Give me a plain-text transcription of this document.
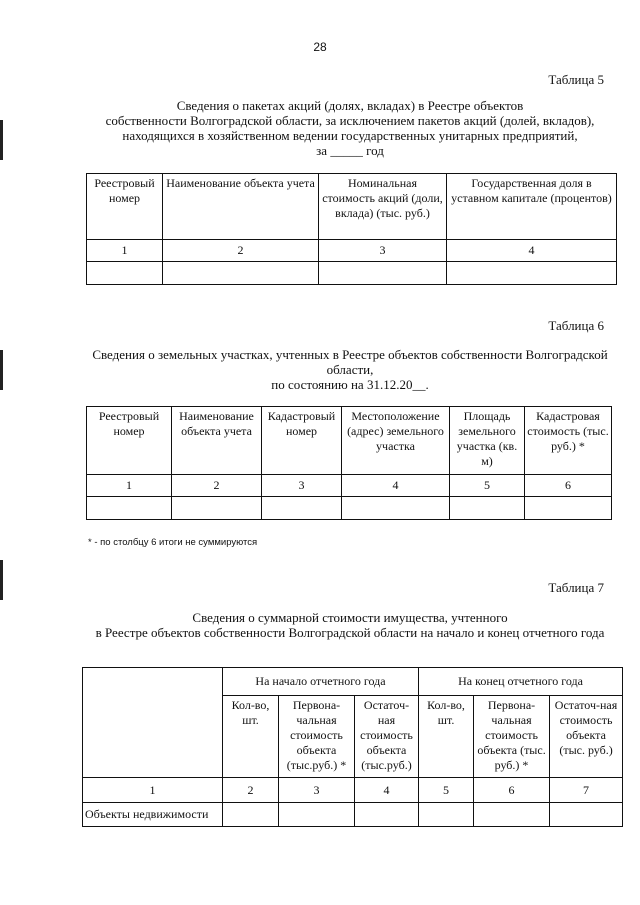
28
Таблица 5
Сведения о пакетах акций (долях, вкладах) в Реестре объектов
собственности Волгоградской области, за исключением пакетов акций (долей, вкладов),
находящихся в хозяйственном ведении государственных унитарных предприятий,
за _____ год
Реестровый номер	Наименование объекта учета	Номинальная стоимость акций (доли, вклада) (тыс. руб.)	Государственная доля в уставном капитале (процентов)
1	2	3	4

Таблица 6
Сведения о земельных участках, учтенных в Реестре объектов собственности Волгоградской
области,
по состоянию на 31.12.20__.
Реестровый номер	Наименование объекта учета	Кадастровый номер	Местоположение (адрес) земельного участка	Площадь земельного участка (кв. м)	Кадастровая стоимость (тыс. руб.) *
1	2	3	4	5	6

* - по столбцу 6 итоги не суммируются
Таблица 7
Сведения о суммарной стоимости имущества, учтенного
в Реестре объектов собственности Волгоградской области на начало и конец отчетного года
	На начало отчетного года			На конец отчетного года		
	Кол-во, шт.	Первона-чальная стоимость объекта (тыс.руб.) *	Остаточ-ная стоимость объекта (тыс.руб.)	Кол-во, шт.	Первона-чальная стоимость объекта (тыс. руб.) *	Остаточ-ная стоимость объекта (тыс. руб.)
1	2	3	4	5	6	7
Объекты недвижимости						
